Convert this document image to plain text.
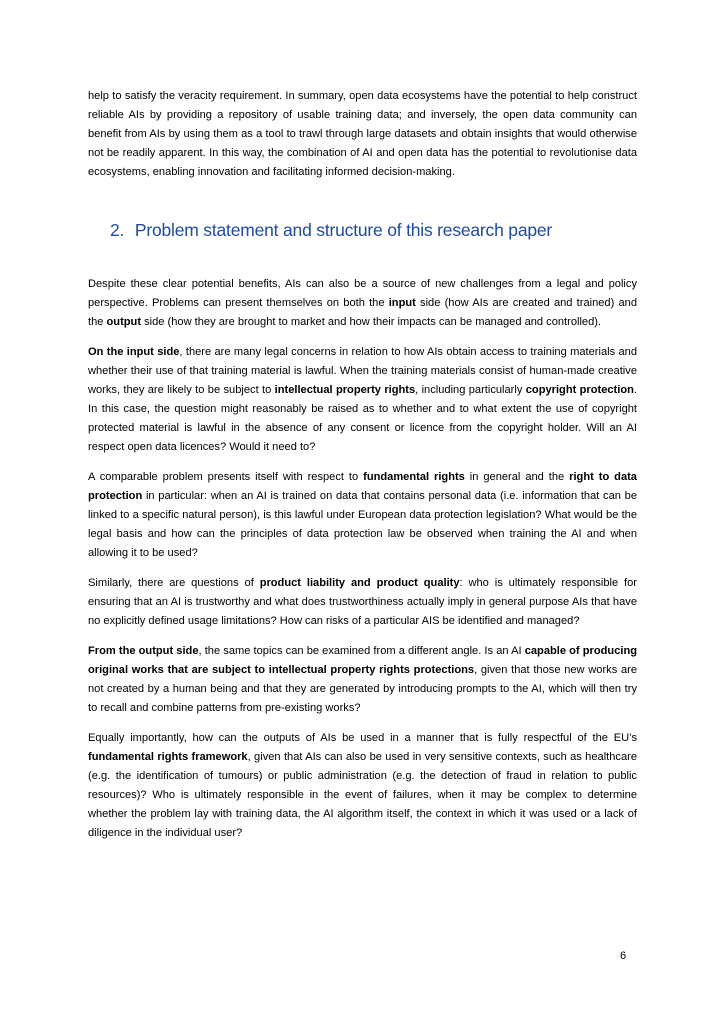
help to satisfy the veracity requirement. In summary, open data ecosystems have the potential to help construct reliable AIs by providing a repository of usable training data; and inversely, the open data community can benefit from AIs by using them as a tool to trawl through large datasets and obtain insights that would otherwise not be readily apparent. In this way, the combination of AI and open data has the potential to revolutionise data ecosystems, enabling innovation and facilitating informed decision-making.

2. Problem statement and structure of this research paper

Despite these clear potential benefits, AIs can also be a source of new challenges from a legal and policy perspective. Problems can present themselves on both the input side (how AIs are created and trained) and the output side (how they are brought to market and how their impacts can be managed and controlled).

On the input side, there are many legal concerns in relation to how AIs obtain access to training materials and whether their use of that training material is lawful. When the training materials consist of human-made creative works, they are likely to be subject to intellectual property rights, including particularly copyright protection. In this case, the question might reasonably be raised as to whether and to what extent the use of copyright protected material is lawful in the absence of any consent or licence from the copyright holder. Will an AI respect open data licences? Would it need to?

A comparable problem presents itself with respect to fundamental rights in general and the right to data protection in particular: when an AI is trained on data that contains personal data (i.e. information that can be linked to a specific natural person), is this lawful under European data protection legislation? What would be the legal basis and how can the principles of data protection law be observed when training the AI and when allowing it to be used?

Similarly, there are questions of product liability and product quality: who is ultimately responsible for ensuring that an AI is trustworthy and what does trustworthiness actually imply in general purpose AIs that have no explicitly defined usage limitations? How can risks of a particular AIS be identified and managed?

From the output side, the same topics can be examined from a different angle. Is an AI capable of producing original works that are subject to intellectual property rights protections, given that those new works are not created by a human being and that they are generated by introducing prompts to the AI, which will then try to recall and combine patterns from pre-existing works?

Equally importantly, how can the outputs of AIs be used in a manner that is fully respectful of the EU’s fundamental rights framework, given that AIs can also be used in very sensitive contexts, such as healthcare (e.g. the identification of tumours) or public administration (e.g. the detection of fraud in relation to public resources)? Who is ultimately responsible in the event of failures, when it may be complex to determine whether the problem lay with training data, the AI algorithm itself, the context in which it was used or a lack of diligence in the individual user?

6
